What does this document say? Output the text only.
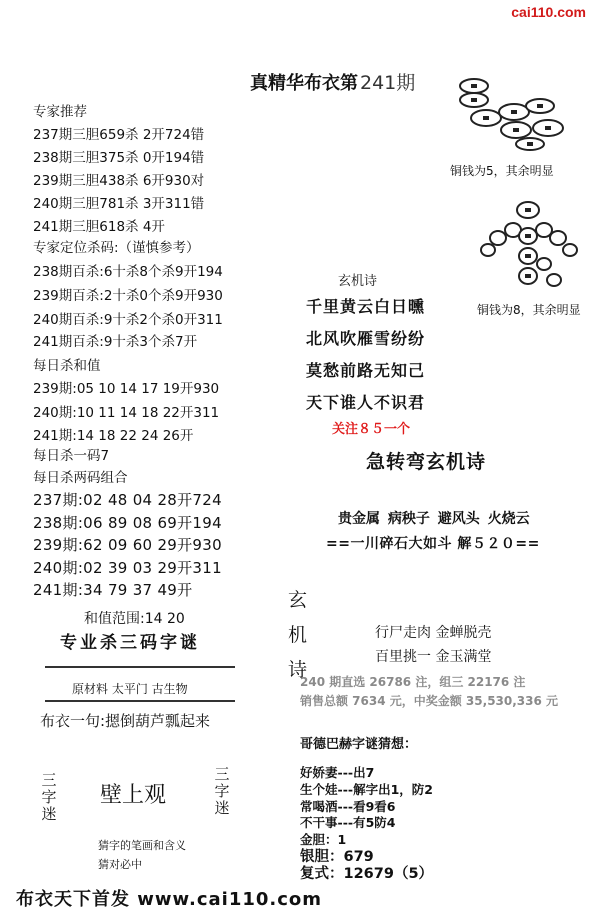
cai110.com
真精华布衣第 241期
专家推荐
237期三胆659杀 2开724错
238期三胆375杀 0开194错
239期三胆438杀 6开930对
240期三胆781杀 3开311错
241期三胆618杀 4开
专家定位杀码:（谨慎参考）
238期百杀:6十杀8个杀9开194
239期百杀:2十杀0个杀9开930
240期百杀:9十杀2个杀0开311
241期百杀:9十杀3个杀7开
每日杀和值
239期:05 10 14 17 19开930
240期:10 11 14 18 22开311
241期:14 18 22 24 26开
每日杀一码7
每日杀两码组合
237期:02 48 04 28开724
238期:06 89 08 69开194
239期:62 09 60 29开930
240期:02 39 03 29开311
241期:34 79 37 49开
和值范围:14 20
专业杀三码字谜
原材料 太平门 古生物
布衣一句:摁倒葫芦瓢起来
三字迷
壁上观
三字迷
猜字的笔画和含义
猜对必中
布衣天下首发 www.cai110.com
铜钱为5，其余明显
铜钱为8，其余明显
玄机诗
千里黄云白日曛
北风吹雁雪纷纷
莫愁前路无知己
天下谁人不识君
关注８５一个
急转弯玄机诗
贵金属 病秧子 避风头 火烧云
==一川碎石大如斗 解５２０==
玄
机
诗
行尸走肉 金蝉脱壳
百里挑一 金玉满堂
240 期直选 26786 注，组三 22176 注
销售总额 7634 元，中奖金额 35,530,336 元
哥德巴赫字谜猜想：
好娇妻---出7
生个娃---解字出1，防2
常喝酒---看9看6
不干事---有5防4
金胆：1
银胆：679
复式：12679（5）
